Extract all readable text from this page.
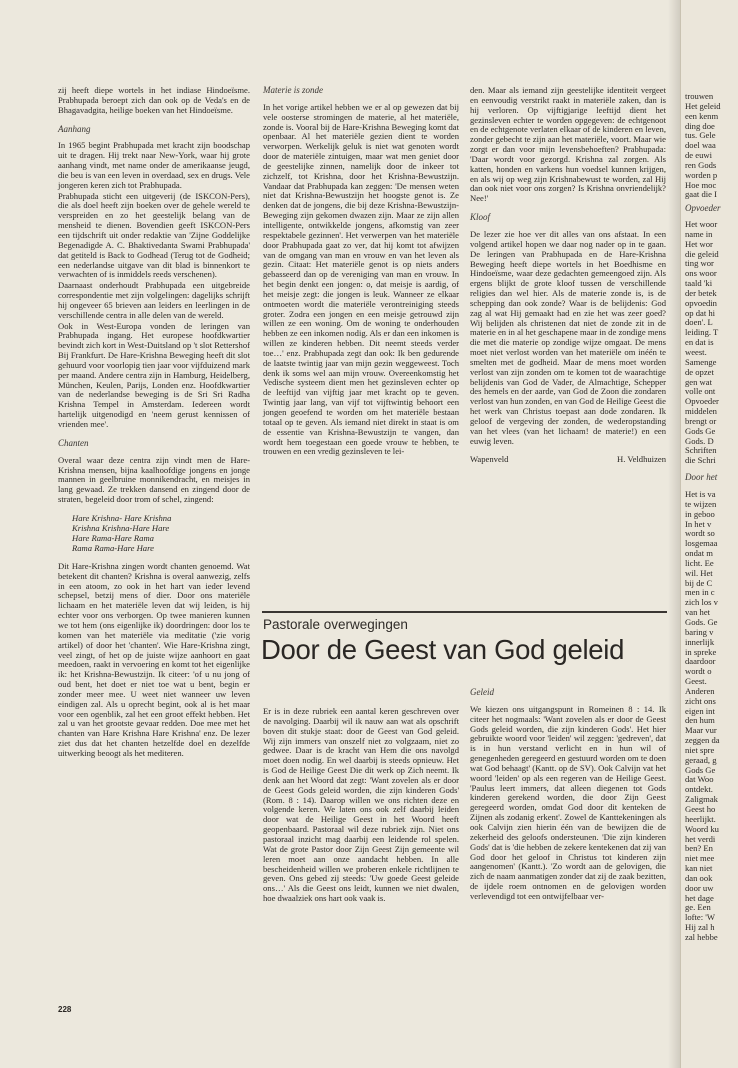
zij heeft diepe wortels in het indiase Hindoeïsme. Prabhupada beroept zich dan ook op de Veda's en de Bhagavadgita, heilige boeken van het Hindoeïsme.

Aanhang

In 1965 begint Prabhupada met kracht zijn boodschap uit te dragen. Hij trekt naar New-York, waar hij grote aanhang vindt, met name onder de amerikaanse jeugd, die beu is van een leven in overdaad, sex en drugs. Vele jongeren keren zich tot Prabhupada.

Prabhupada sticht een uitgeverij (de ISKCON-Pers), die als doel heeft zijn boeken over de gehele wereld te verspreiden en zo het geestelijk belang van de mensheid te dienen. Bovendien geeft ISKCON-Pers een tijdschrift uit onder redaktie van 'Zijne Goddelijke Begenadigde A. C. Bhaktivedanta Swami Prabhupada' dat getiteld is Back to Godhead (Terug tot de Godheid; een nederlandse uitgave van dit blad is binnenkort te verwachten of is inmiddels reeds verschenen).

Daarnaast onderhoudt Prabhupada een uitgebreide correspondentie met zijn volgelingen: dagelijks schrijft hij ongeveer 65 brieven aan leiders en leerlingen in de verschillende centra in alle delen van de wereld.

Ook in West-Europa vonden de leringen van Prabhupada ingang. Het europese hoofdkwartier bevindt zich kort in West-Duitsland op 't slot Rettershof Bij Frankfurt. De Hare-Krishna Beweging heeft dit slot gehuurd voor voorlopig tien jaar voor vijfduizend mark per maand. Andere centra zijn in Hamburg, Heidelberg, München, Keulen, Parijs, Londen enz. Hoofdkwartier van de nederlandse beweging is de Sri Sri Radha Krishna Tempel in Amsterdam. Iedereen wordt hartelijk uitgenodigd en 'neem gerust kennissen of vrienden mee'.

Chanten

Overal waar deze centra zijn vindt men de Hare-Krishna mensen, bijna kaalhoofdige jongens en jonge mannen in geelbruine monnikendracht, en meisjes in lang gewaad. Ze trekken dansend en zingend door de straten, begeleid door trom of schel, zingend:

Hare Krishna- Hare Krishna
Krishna Krishna-Hare Hare
Hare Rama-Hare Rama
Rama Rama-Hare Hare

Dit Hare-Krishna zingen wordt chanten genoemd. Wat betekent dit chanten? Krishna is overal aanwezig, zelfs in een atoom, zo ook in het hart van ieder levend schepsel, betzij mens of dier. Door ons materiële lichaam en het materiële leven dat wij leiden, is hij echter voor ons verborgen. Op twee manieren kunnen we tot hem (ons eigenlijke ik) doordringen: door los te komen van het materiële via meditatie ('zie vorig artikel) of door het 'chanten'. Wie Hare-Krishna zingt, veel zingt, of het op de juiste wijze aanhoort en gaat meedoen, raakt in vervoering en komt tot het eigenlijke ik: het Krishna-Bewustzijn. Ik citeer: 'of u nu jong of oud bent, het doet er niet toe wat u bent, begin er zonder meer mee. U weet niet wanneer uw leven eindigen zal. Als u oprecht begint, ook al is het maar voor een ogenblik, zal het een groot effekt hebben. Het zal u van het grootste gevaar redden. Doe mee met het chanten van Hare Krishna Hare Krishna' enz. De lezer ziet dus dat het chanten hetzelfde doel en dezelfde uitwerking beoogt als het mediteren.

Materie is zonde

In het vorige artikel hebben we er al op gewezen dat bij vele oosterse stromingen de materie, al het materiële, zonde is. Vooral bij de Hare-Krishna Beweging komt dat openbaar. Al het materiële gezien dient te worden verworpen. Werkelijk geluk is niet wat genoten wordt door de materiële zintuigen, maar wat men geniet door de geestelijke zinnen, namelijk door de inkeer tot zichzelf, tot Krishna, door het Krishna-Bewustzijn. Vandaar dat Prabhupada kan zeggen: 'De mensen weten niet dat Krishna-Bewustzijn het hoogste genot is. Ze denken dat de jongens, die bij deze Krishna-Bewustzijn-Beweging zijn gekomen dwazen zijn. Maar ze zijn allen intelligente, ontwikkelde jongens, afkomstig van zeer respektabele gezinnen'. Het verwerpen van het materiële door Prabhupada gaat zo ver, dat hij komt tot afwijzen van de omgang van man en vrouw en van het leven als gezin. Citaat: Het materiële genot is op niets anders gebasseerd dan op de vereniging van man en vrouw. In het begin denkt een jongen: o, dat meisje is aardig, of het meisje zegt: die jongen is leuk. Wanneer ze elkaar ontmoeten wordt die materiële verontreiniging steeds groter. Zodra een jongen en een meisje getrouwd zijn willen ze een woning. Om de woning te onderhouden hebben ze een inkomen nodig. Als er dan een inkomen is willen ze kinderen hebben. Dit neemt steeds verder toe…' enz. Prabhupada zegt dan ook: Ik ben gedurende de laatste twintig jaar van mijn gezin weggeweest. Toch denk ik soms wel aan mijn vrouw. Overeenkomstig het Vedische systeem dient men het gezinsleven echter op de leeftijd van vijftig jaar met kracht op te geven. Twintig jaar lang, van vijf tot vijftwintig behoort een jongen geoefend te worden om het materiële bestaan totaal op te geven. Als iemand niet direkt in staat is om de essentie van Krishna-Bewustzijn te vangen, dan wordt hem toegestaan een goede vrouw te hebben, te trouwen en een vredig gezinsleven te lei-

den. Maar als iemand zijn geestelijke identiteit vergeet en eenvoudig verstrikt raakt in materiële zaken, dan is hij verloren. Op vijftigjarige leeftijd dient het gezinsleven echter te worden opgegeven: de echtgenoot en de echtgenote verlaten elkaar of de kinderen en leven, zonder gebecht te zijn aan het materiële, voort. Maar wie zorgt er dan voor mijn levensbehoeften? Prabhupada: 'Daar wordt voor gezorgd. Krishna zal zorgen. Als katten, honden en varkens hun voedsel kunnen krijgen, en als wij op weg zijn Krishnabewust te worden, zal Hij dan ook niet voor ons zorgen? Is Krishna onvriendelijk? Nee!'

Kloof

De lezer zie hoe ver dit alles van ons afstaat. In een volgend artikel hopen we daar nog nader op in te gaan. De leringen van Prabhupada en de Hare-Krishna Beweging heeft diepe wortels in het Boedhisme en Hindoeïsme, waar deze gedachten gemeengoed zijn. Als ergens blijkt de grote kloof tussen de verschillende religies dan wel hier. Als de materie zonde is, is de schepping dan ook zonde? Waar is de belijdenis: God zag al wat Hij gemaakt had en zie het was zeer goed? Wij belijden als christenen dat niet de zonde zit in de materie en in al het geschapene maar in de zondige mens die met die materie op zondige wijze omgaat. De mens moet niet verlost worden van het materiële om inéén te smelten met de godheid. Maar de mens moet worden verlost van zijn zonden om te komen tot de waarachtige belijdenis van God de Vader, de Almachtige, Schepper des hemels en der aarde, van God de Zoon die zondaren verlost van hun zonden, en van God de Heilige Geest die het werk van Christus toepast aan dode zondaren. Ik geloof de vergeving der zonden, de wederopstanding van het vlees (van het lichaam! de materie!) en een euwig leven.

Wapenveld	H. Veldhuizen
Pastorale overwegingen
Door de Geest van God geleid

Er is in deze rubriek een aantal keren geschreven over de navolging. Daarbij wil ik nauw aan wat als opschrift boven dit stukje staat: door de Geest van God geleid. Wij zijn immers van onszelf niet zo volgzaam, niet zo gedwee. Daar is de kracht van Hem die ons navolgd moet doen nodig. En wel daarbij is steeds opnieuw. Het is God de Heilige Geest Die dit werk op Zich neemt. Ik denk aan het Woord dat zegt: 'Want zovelen als er door de Geest Gods geleid worden, die zijn kinderen Gods' (Rom. 8 : 14). Daarop willen we ons richten deze en volgende keren. We laten ons ook zelf daarbij leiden door wat de Heilige Geest in het Woord heeft geopenbaard. Pastoraal wil deze rubriek zijn. Niet ons pastoraal inzicht mag daarbij een leidende rol spelen. Wat de grote Pastor door Zijn Geest Zijn gemeente wil leren moet aan onze aandacht hebben. In alle bescheidenheid willen we proberen enkele richtlijnen te geven. Ons gebed zij steeds: 'Uw goede Geest geleide ons…' Als die Geest ons leidt, kunnen we niet dwalen, hoe dwaalziek ons hart ook vaak is.

Geleid

We kiezen ons uitgangspunt in Romeinen 8 : 14. Ik citeer het nogmaals: 'Want zovelen als er door de Geest Gods geleid worden, die zijn kinderen Gods'. Het hier gebruikte woord voor 'leiden' wil zeggen: 'gedreven', dat is in hun verstand verlicht en in hun wil of genegenheden geregeerd en gestuurd worden om te doen wat God behaagt' (Kantt. op de SV). Ook Calvijn vat het woord 'leiden' op als een regeren van de Heilige Geest. 'Paulus leert immers, dat alleen diegenen tot Gods kinderen gerekend worden, die door Zijn Geest geregeerd worden, omdat God door dit kenteken de Zijnen als zodanig erkent'. Zowel de Kanttekeningen als ook Calvijn zien hierin één van de bewijzen die de zekerheid des geloofs ondersteunen. 'Die zijn kinderen Gods' dat is 'die hebben de zekere kentekenen dat zij van God door het geloof in Christus tot kinderen zijn aangenomen' (Kantt.). 'Zo wordt aan de gelovigen, die zich de naam aanmatigen zonder dat zij de zaak bezitten, de ijdele roem ontnomen en de gelovigen worden verlevendigd tot een ontwijfelbaar ver-

228
trouwen
Het geleid
een kenm
ding doe
tus. Gele
doel waa
de euwi
ren Gods
worden p
Hoe moc
gaat die I
Opvoeder
Het woor
name in
Het wor
die geleid
ting wor
ons woor
taald 'ki
der betek
opvoedin
op dat hi
doen'. L
leiding. T
en dat is
weest.
Samenge
de opzet
gen wat
volle ont
Opvoeder
middelen
brengt or
Gods Ge
Gods. D
Schriften
die Schri
Door het
Het is va
te wijzen
in geboo
In het v
wordt so
losgemaa
ondat m
licht. Ee
wil. Het
bij de C
men in c
zich los v
van het
Gods. Ge
baring v
innerlijk
in spreke
daardoor
wordt o
Geest.
Anderen
zicht ons
eigen int
den hum
Maar vur
zeggen da
niet spre
geraad, g
Gods Ge
dat Woo
ontdekt.
Zaligmak
Geest ho
heerlijkt.
Woord ku
het verdi
ben? En
niet mee
kan niet
dan ook
door uw
het dage
ge. Een
lofte: 'W
Hij zal h
zal hebbe
